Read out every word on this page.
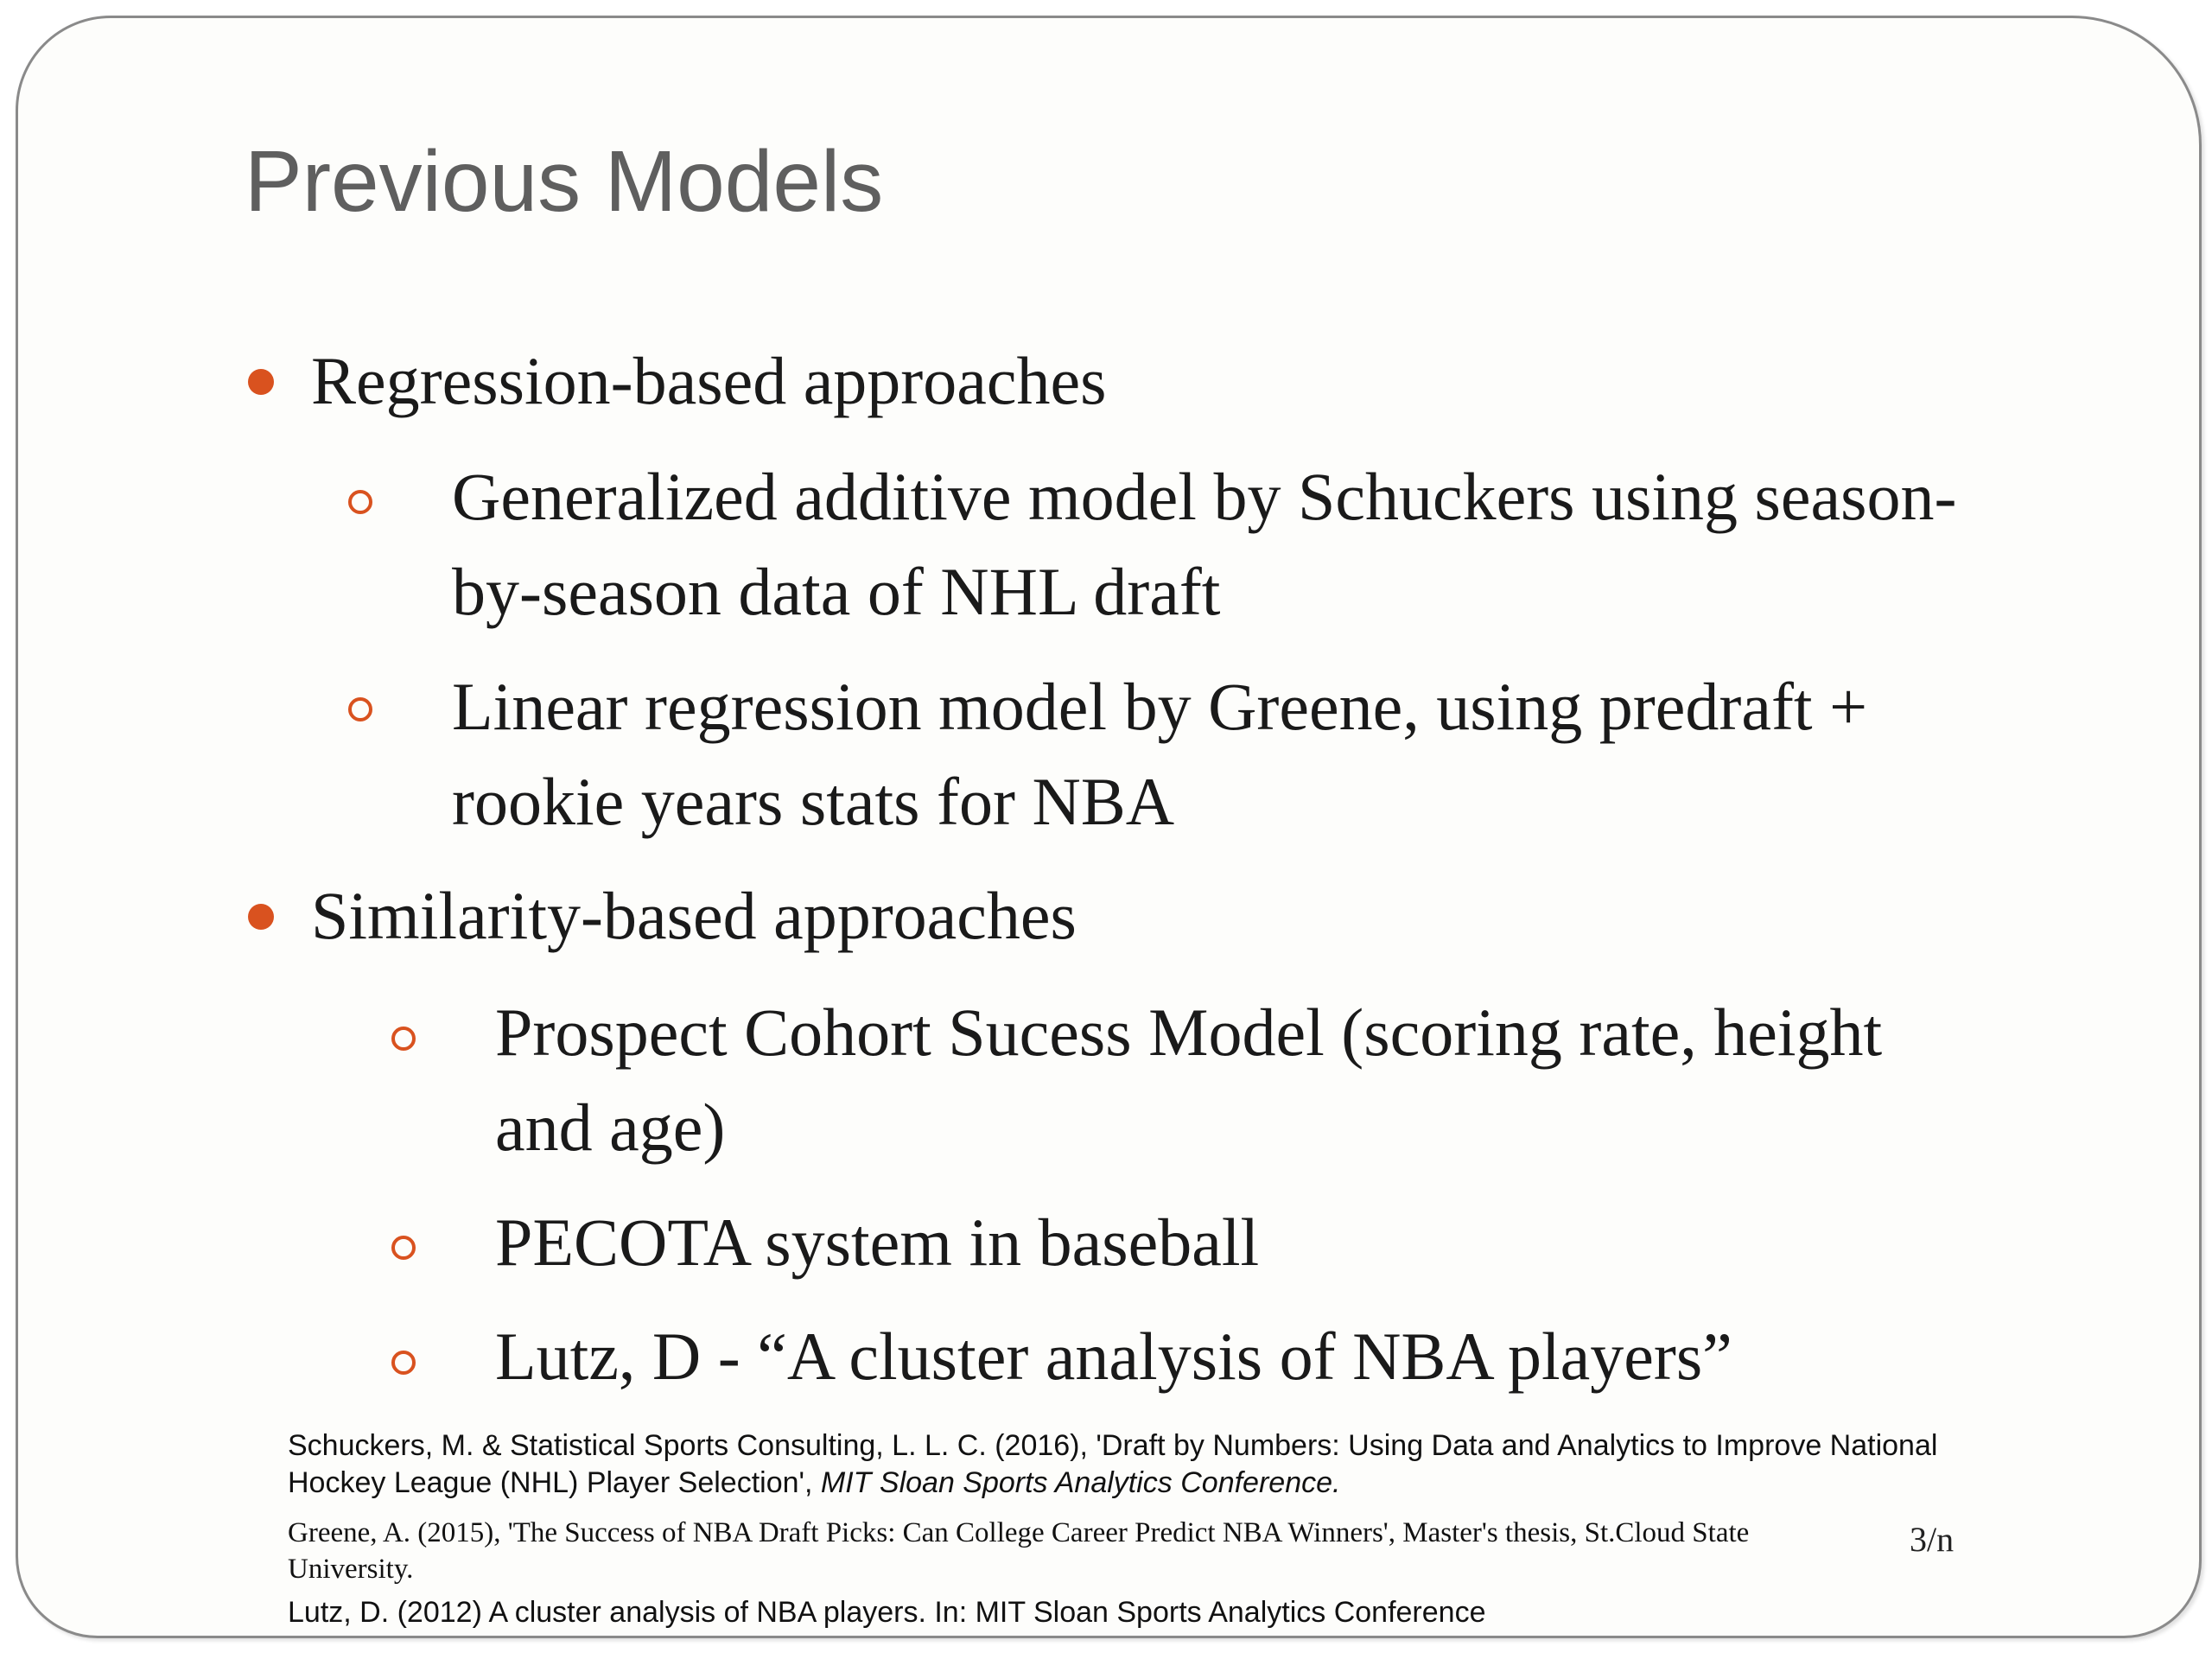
Previous Models
Regression-based approaches
Generalized additive model by Schuckers using season-
by-season data of NHL draft
Linear regression model by Greene, using predraft +
rookie years stats for NBA
Similarity-based approaches
Prospect Cohort Sucess Model (scoring rate, height
and age)
PECOTA system in baseball
Lutz, D - “A cluster analysis of NBA players”
Schuckers, M. & Statistical Sports Consulting, L. L. C. (2016), 'Draft by Numbers: Using Data and Analytics to Improve National
Hockey League (NHL) Player Selection', MIT Sloan Sports Analytics Conference.
Greene, A. (2015), 'The Success of NBA Draft Picks: Can College Career Predict NBA Winners', Master's thesis, St.Cloud State
University.
Lutz, D. (2012) A cluster analysis of NBA players. In: MIT Sloan Sports Analytics Conference
3/n
